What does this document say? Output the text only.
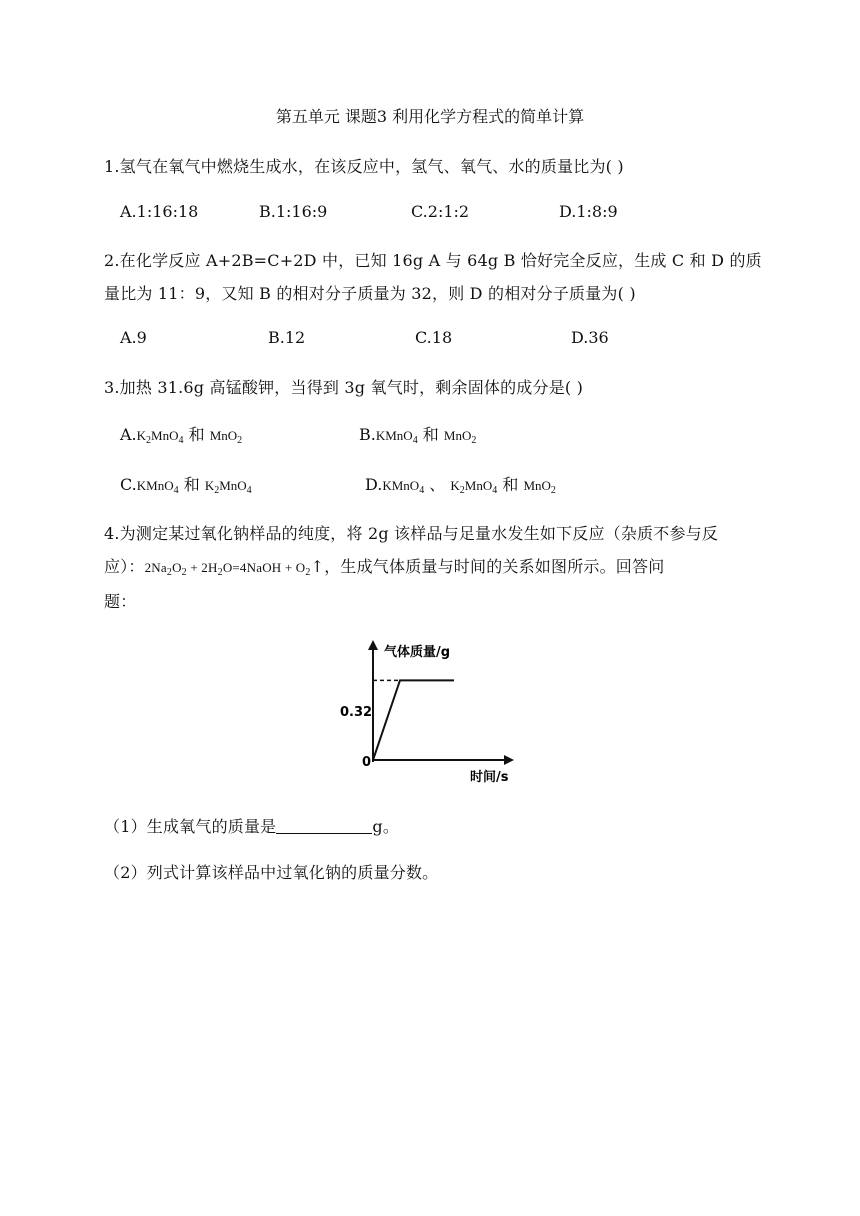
第五单元 课题3 利用化学方程式的简单计算
1.氢气在氧气中燃烧生成水，在该反应中，氢气、氧气、水的质量比为( )
A.1:16:18	B.1:16:9	C.2:1:2	D.1:8:9
2.在化学反应 A+2B=C+2D 中，已知 16g A 与 64g B 恰好完全反应，生成 C 和 D 的质
量比为 11：9，又知 B 的相对分子质量为 32，则 D 的相对分子质量为( )
A.9	B.12	C.18	D.36
3.加热 31.6g 高锰酸钾，当得到 3g 氧气时，剩余固体的成分是( )
$A.K_2MnO_4$ 和 MnO$_2$	B.KMnO$_4$ 和 MnO$_2$
C.KMnO$_4$ 和 $K_2MnO_4$	D.KMnO$_4$ 、 $K_2MnO_4$ 和 MnO$_2$
4.为测定某过氧化钠样品的纯度，将 2g 该样品与足量水发生如下反应（杂质不参与反
应）：$2Na_2O_2$ + $2H_2O=4NaOH$ + $O_2↑$，生成气体质量与时间的关系如图所示。回答问
题：
气体质量/g
时间/s
0
0.32
（1）生成氧气的质量是	g。
（2）列式计算该样品中过氧化钠的质量分数。
